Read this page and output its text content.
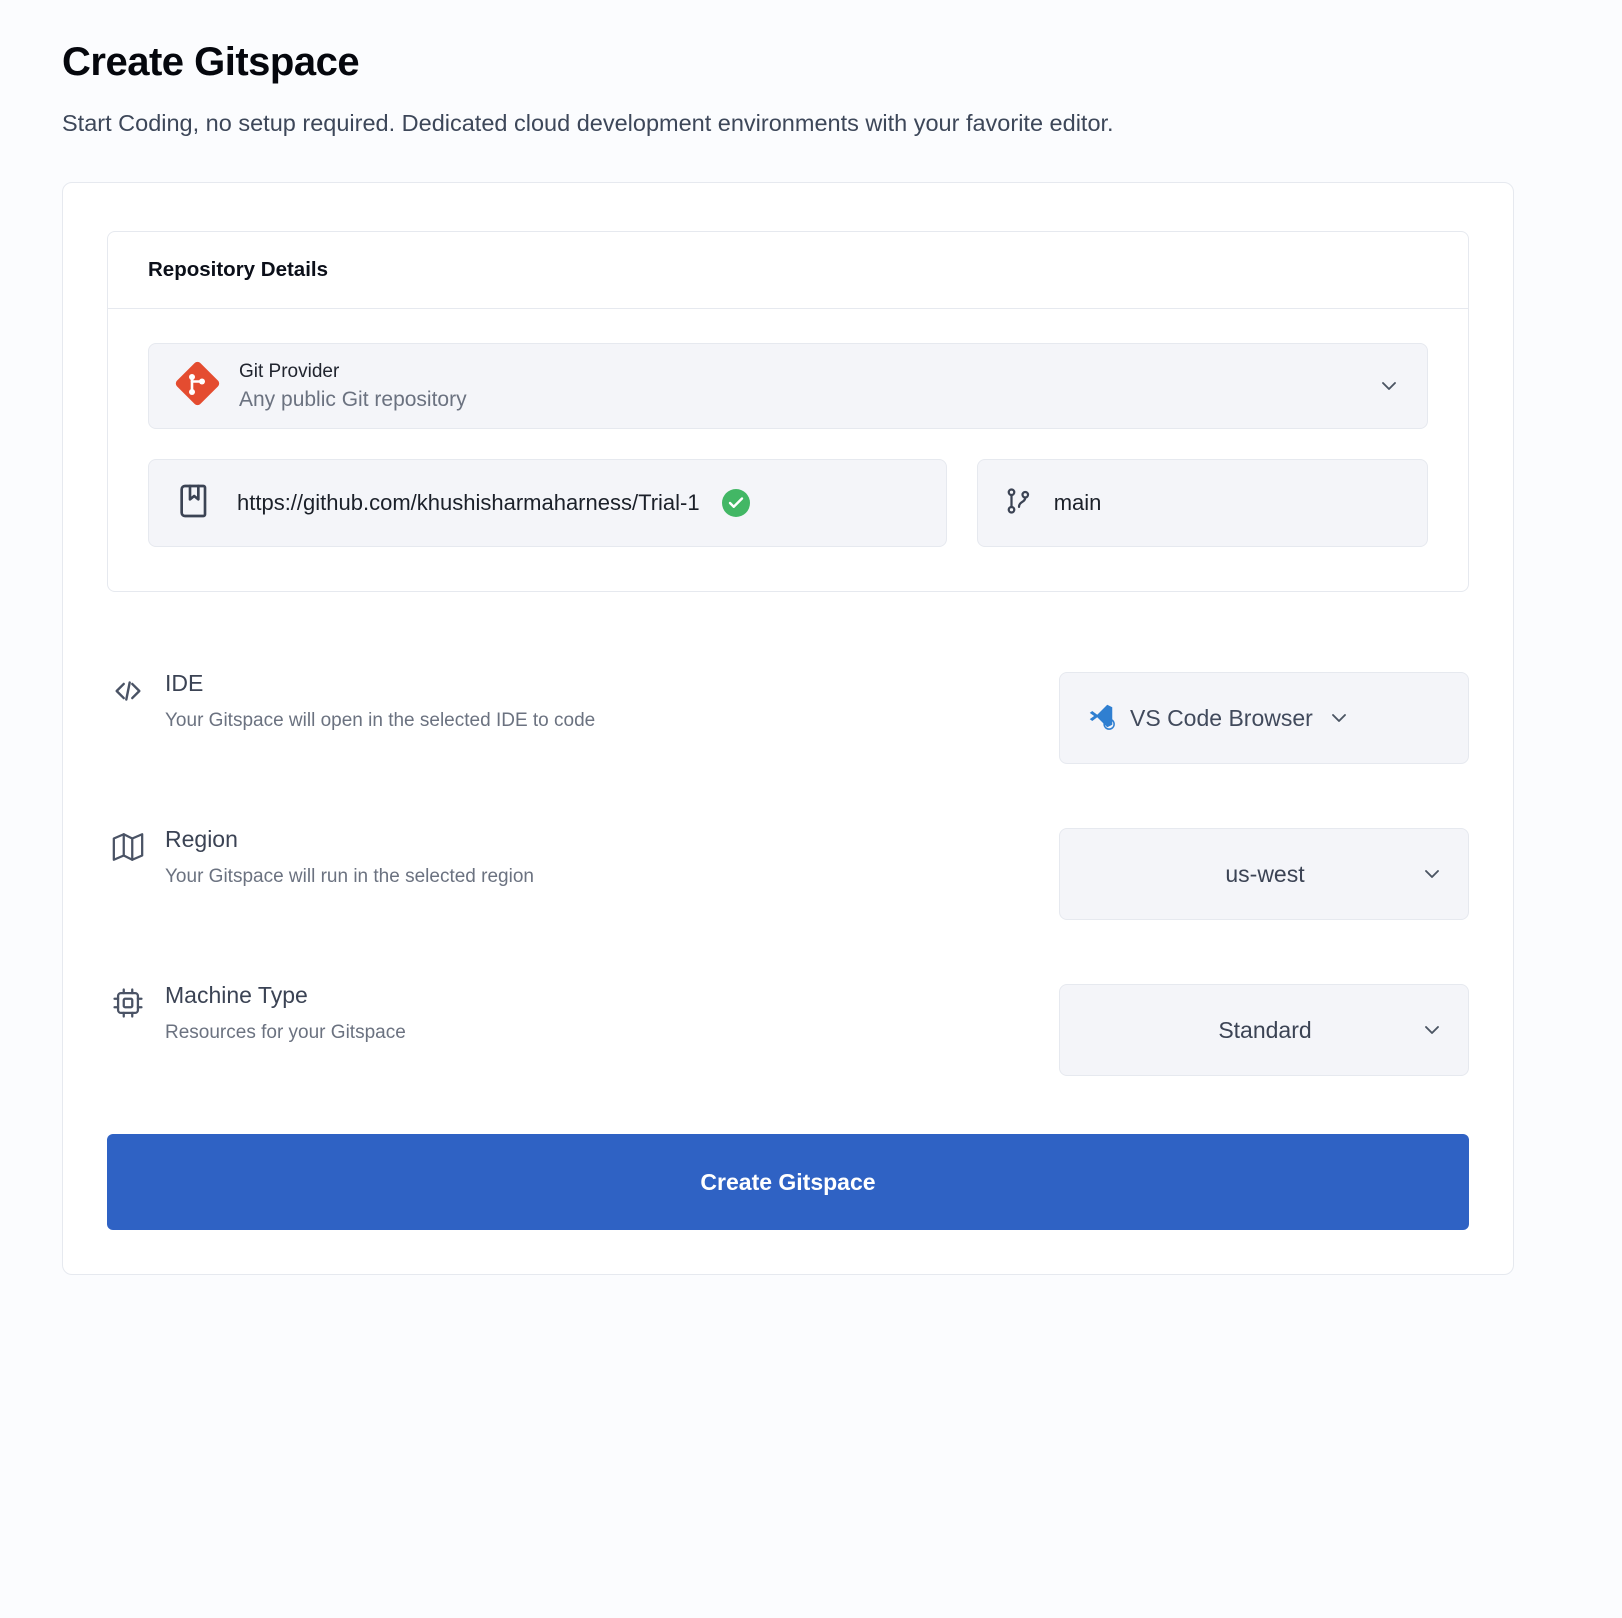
Create Gitspace

Start Coding, no setup required. Dedicated cloud development environments with your favorite editor.

Repository Details
Git Provider
Any public Git repository
https://github.com/khushisharmaharness/Trial-1	main
IDE
Your Gitspace will open in the selected IDE to code	VS Code Browser
Region
Your Gitspace will run in the selected region	us-west
Machine Type
Resources for your Gitspace	Standard
Create Gitspace
